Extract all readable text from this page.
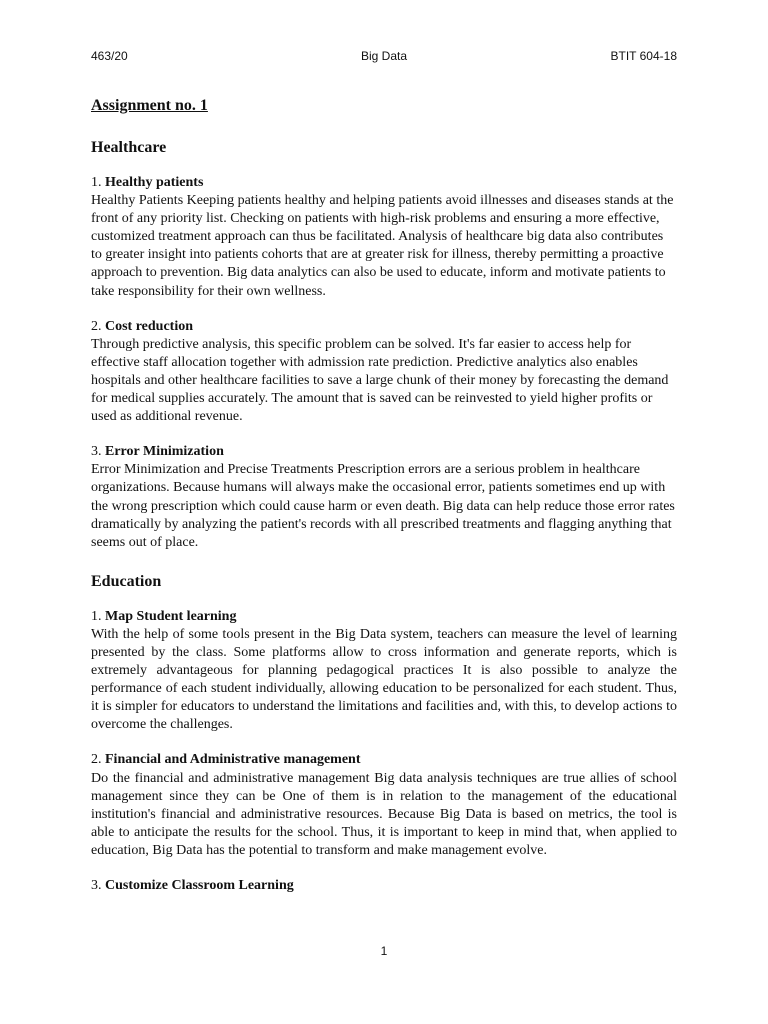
463/20	Big Data	BTIT 604-18
Assignment no. 1
Healthcare

1. Healthy patients

Healthy Patients Keeping patients healthy and helping patients avoid illnesses and diseases stands at the front of any priority list. Checking on patients with high-risk problems and ensuring a more effective, customized treatment approach can thus be facilitated. Analysis of healthcare big data also contributes to greater insight into patients cohorts that are at greater risk for illness, thereby permitting a proactive approach to prevention. Big data analytics can also be used to educate, inform and motivate patients to take responsibility for their own wellness.

2. Cost reduction

Through predictive analysis, this specific problem can be solved. It's far easier to access help for effective staff allocation together with admission rate prediction. Predictive analytics also enables hospitals and other healthcare facilities to save a large chunk of their money by forecasting the demand for medical supplies accurately. The amount that is saved can be reinvested to yield higher profits or used as additional revenue.

3. Error Minimization

Error Minimization and Precise Treatments Prescription errors are a serious problem in healthcare organizations. Because humans will always make the occasional error, patients sometimes end up with the wrong prescription which could cause harm or even death. Big data can help reduce those error rates dramatically by analyzing the patient's records with all prescribed treatments and flagging anything that seems out of place.

Education

1. Map Student learning

With the help of some tools present in the Big Data system, teachers can measure the level of learning presented by the class. Some platforms allow to cross information and generate reports, which is extremely advantageous for planning pedagogical practices It is also possible to analyze the performance of each student individually, allowing education to be personalized for each student. Thus, it is simpler for educators to understand the limitations and facilities and, with this, to develop actions to overcome the challenges.

2. Financial and Administrative management

Do the financial and administrative management Big data analysis techniques are true allies of school management since they can be One of them is in relation to the management of the educational institution's financial and administrative resources. Because Big Data is based on metrics, the tool is able to anticipate the results for the school. Thus, it is important to keep in mind that, when applied to education, Big Data has the potential to transform and make management evolve.

3. Customize Classroom Learning

1
